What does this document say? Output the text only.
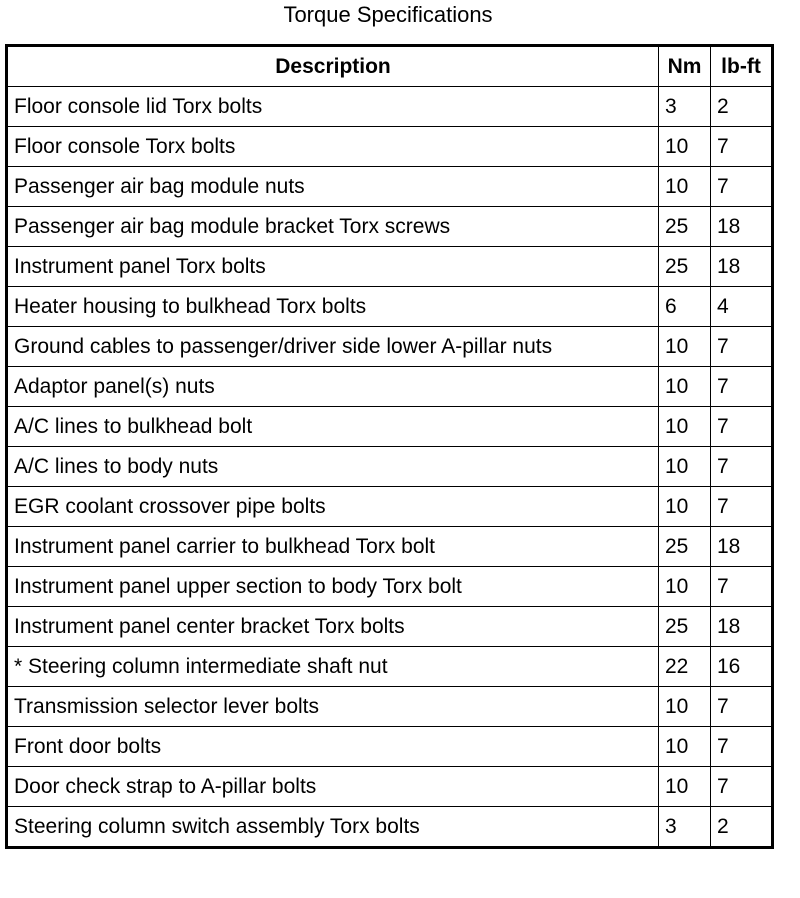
Torque Specifications
Description	Nm	lb-ft
Floor console lid Torx bolts	3	2
Floor console Torx bolts	10	7
Passenger air bag module nuts	10	7
Passenger air bag module bracket Torx screws	25	18
Instrument panel Torx bolts	25	18
Heater housing to bulkhead Torx bolts	6	4
Ground cables to passenger/driver side lower A-pillar nuts	10	7
Adaptor panel(s) nuts	10	7
A/C lines to bulkhead bolt	10	7
A/C lines to body nuts	10	7
EGR coolant crossover pipe bolts	10	7
Instrument panel carrier to bulkhead Torx bolt	25	18
Instrument panel upper section to body Torx bolt	10	7
Instrument panel center bracket Torx bolts	25	18
* Steering column intermediate shaft nut	22	16
Transmission selector lever bolts	10	7
Front door bolts	10	7
Door check strap to A-pillar bolts	10	7
Steering column switch assembly Torx bolts	3	2
